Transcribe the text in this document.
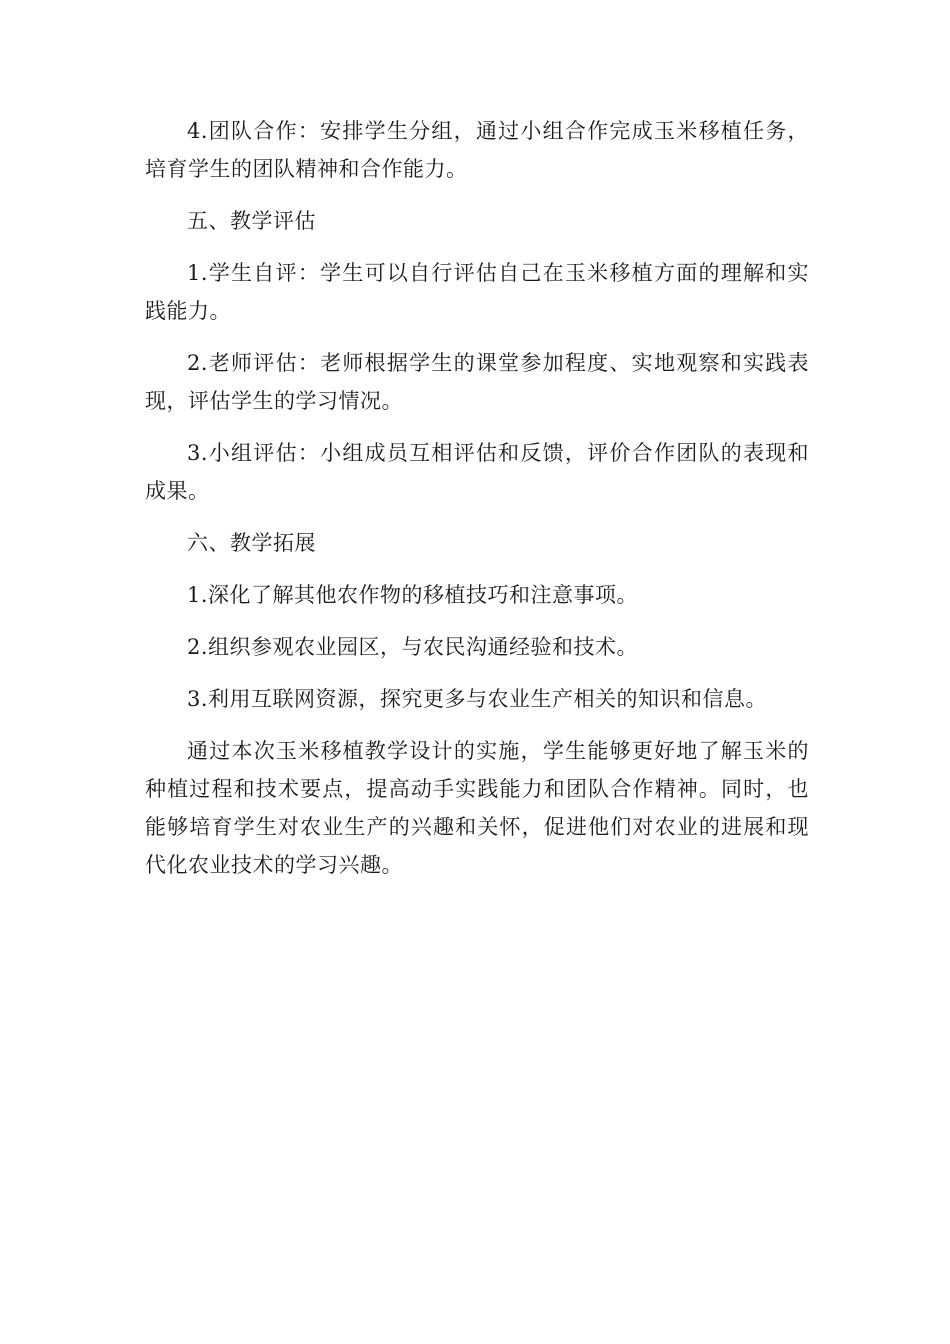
4.团队合作：安排学生分组，通过小组合作完成玉米移植任务，培育学生的团队精神和合作能力。

五、教学评估

1.学生自评：学生可以自行评估自己在玉米移植方面的理解和实践能力。

2.老师评估：老师根据学生的课堂参加程度、实地观察和实践表现，评估学生的学习情况。

3.小组评估：小组成员互相评估和反馈，评价合作团队的表现和成果。

六、教学拓展

1.深化了解其他农作物的移植技巧和注意事项。

2.组织参观农业园区，与农民沟通经验和技术。

3.利用互联网资源，探究更多与农业生产相关的知识和信息。

通过本次玉米移植教学设计的实施，学生能够更好地了解玉米的种植过程和技术要点，提高动手实践能力和团队合作精神。同时，也能够培育学生对农业生产的兴趣和关怀，促进他们对农业的进展和现代化农业技术的学习兴趣。
